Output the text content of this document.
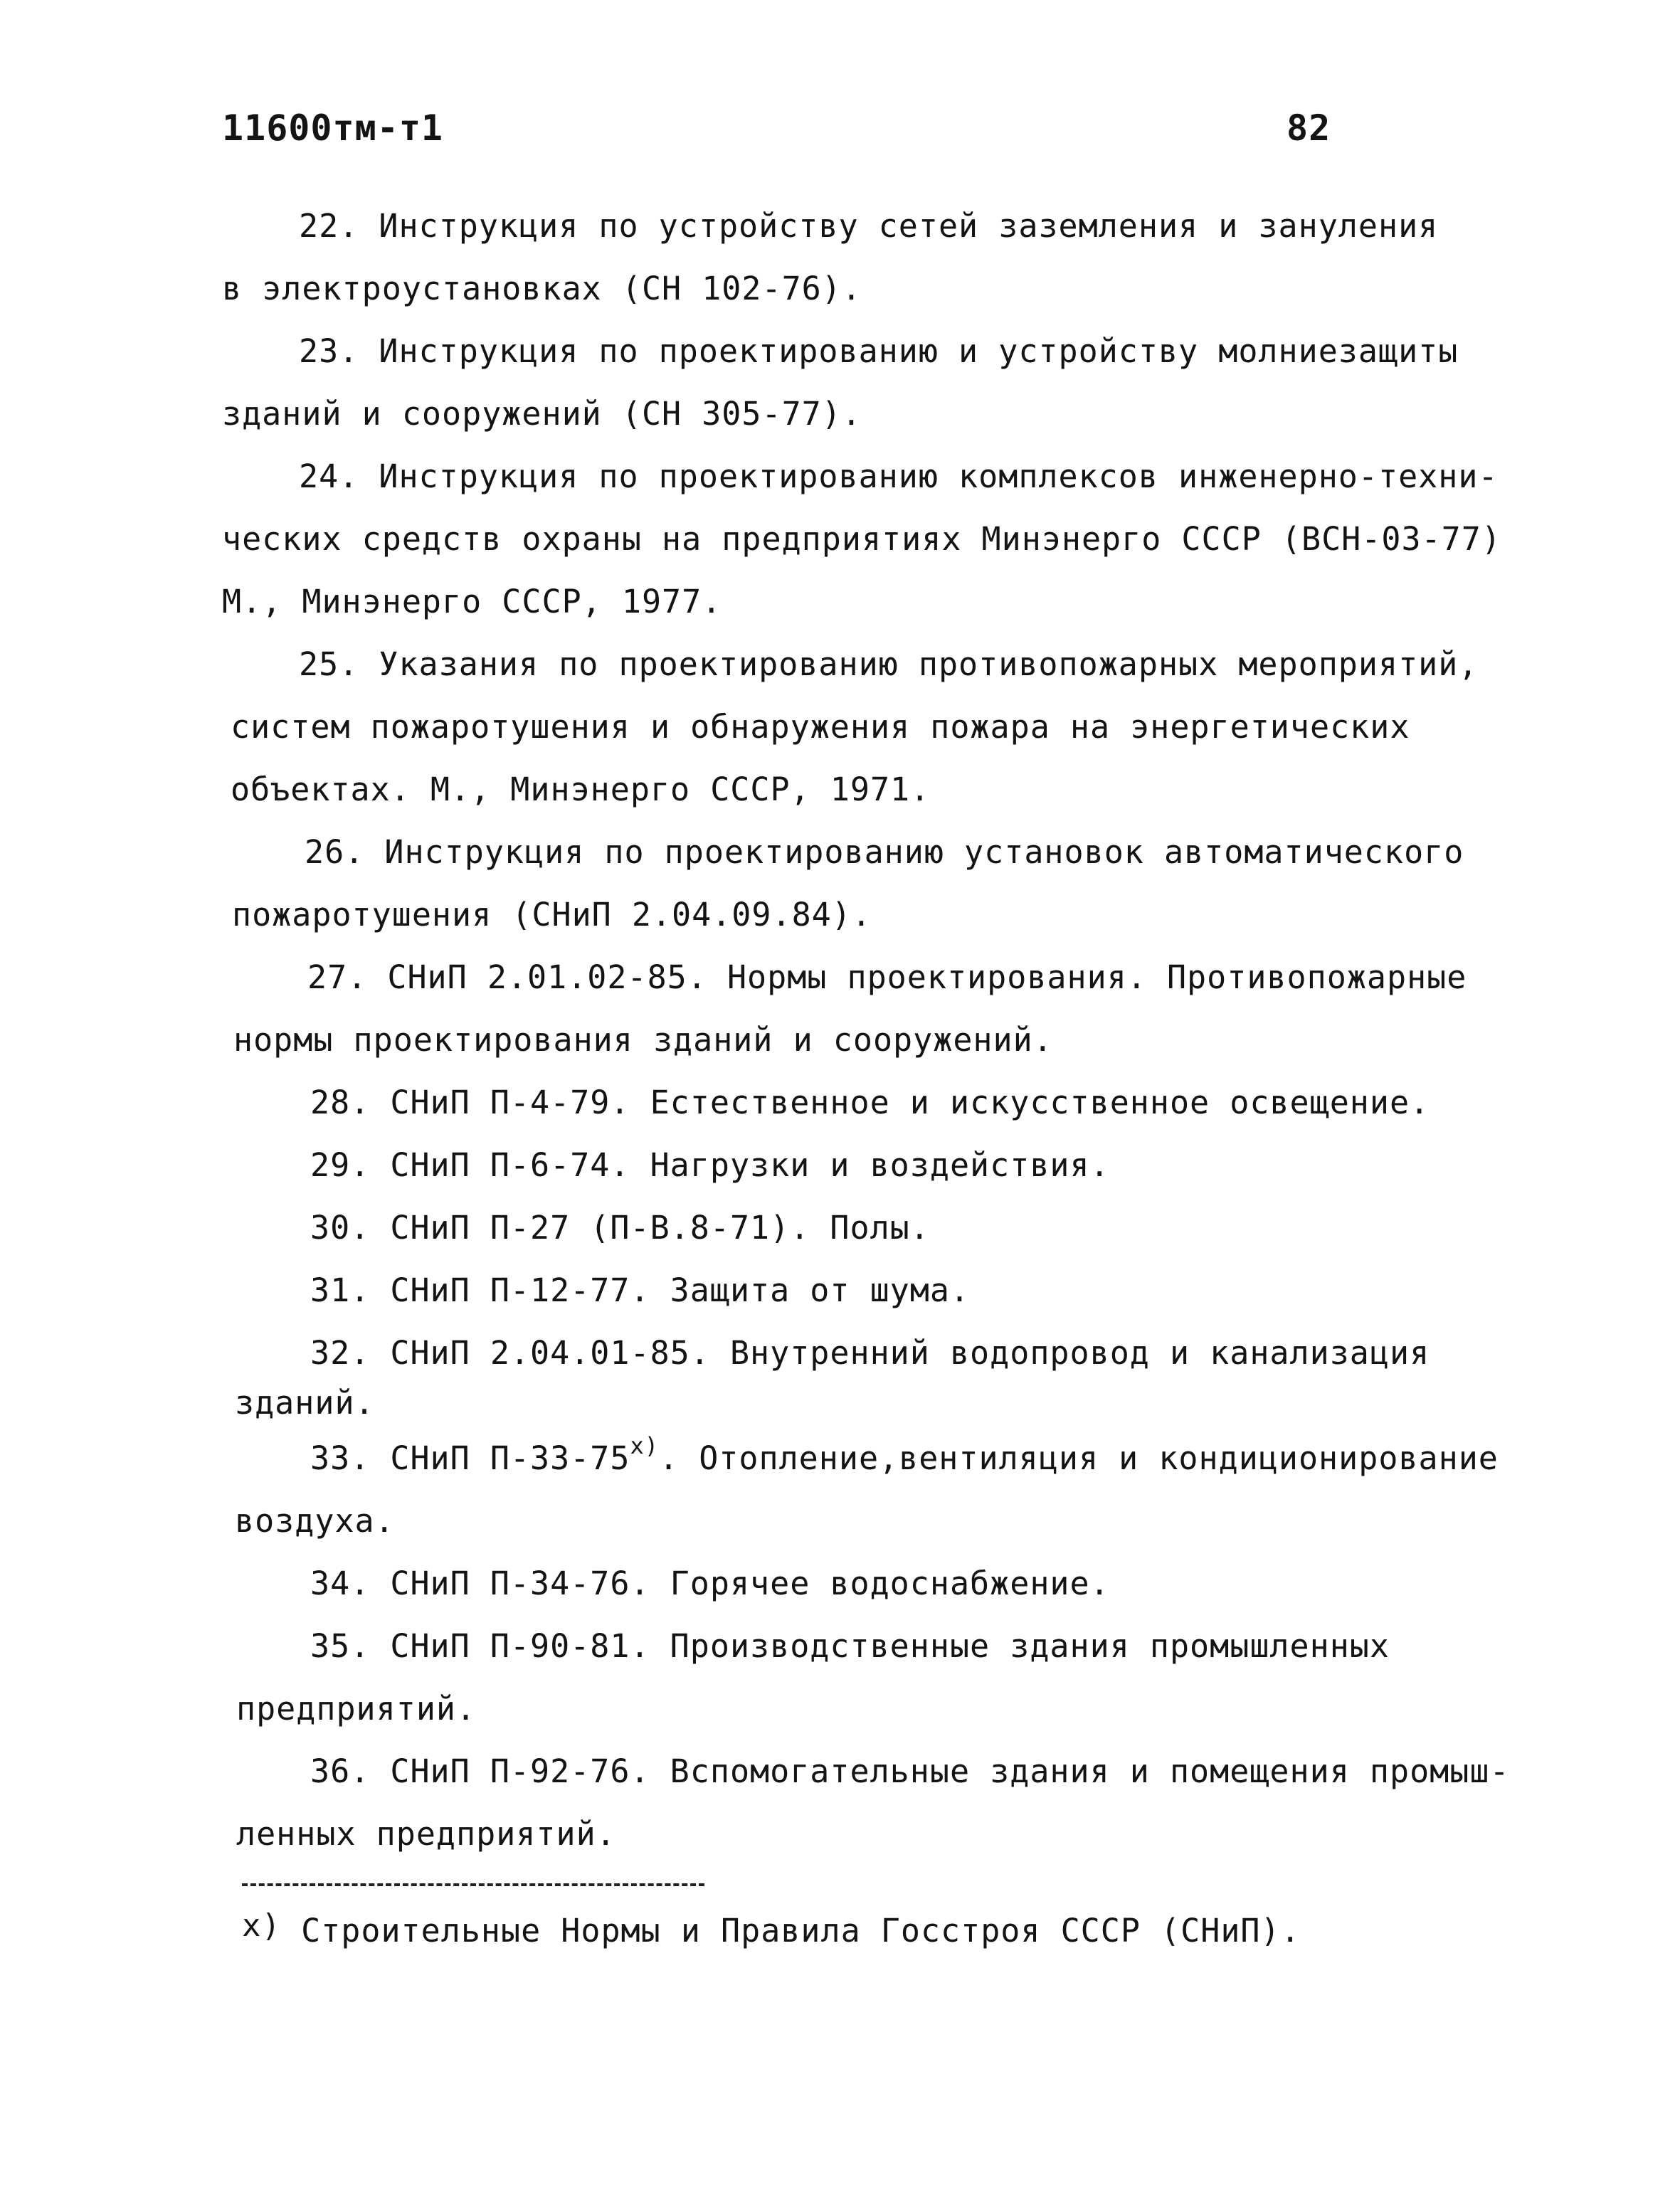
11600тм-т1	82
22. Инструкция по устройству сетей заземления и зануления
в электроустановках (СН 102-76).
23. Инструкция по проектированию и устройству молниезащиты
зданий и сооружений (СН 305-77).
24. Инструкция по проектированию комплексов инженерно-техни-
ческих средств охраны на предприятиях Минэнерго СССР (ВСН-03-77)
М., Минэнерго СССР, 1977.
25. Указания по проектированию противопожарных мероприятий,
систем пожаротушения и обнаружения пожара на энергетических
объектах. М., Минэнерго СССР, 1971.
26. Инструкция по проектированию установок автоматического
пожаротушения (СНиП 2.04.09.84).
27. СНиП 2.01.02-85. Нормы проектирования. Противопожарные
нормы проектирования зданий и сооружений.
28. СНиП П-4-79. Естественное и искусственное освещение.
29. СНиП П-6-74. Нагрузки и воздействия.
30. СНиП П-27 (П-В.8-71). Полы.
31. СНиП П-12-77. Защита от шума.
32. СНиП 2.04.01-85. Внутренний водопровод и канализация
зданий.
33. СНиП П-33-75$^{x)}$. Отопление,вентиляция и кондиционирование
воздуха.
34. СНиП П-34-76. Горячее водоснабжение.
35. СНиП П-90-81. Производственные здания промышленных
предприятий.
36. СНиП П-92-76. Вспомогательные здания и помещения промыш-
ленных предприятий.
x) Строительные Нормы и Правила Госстроя СССР (СНиП).
